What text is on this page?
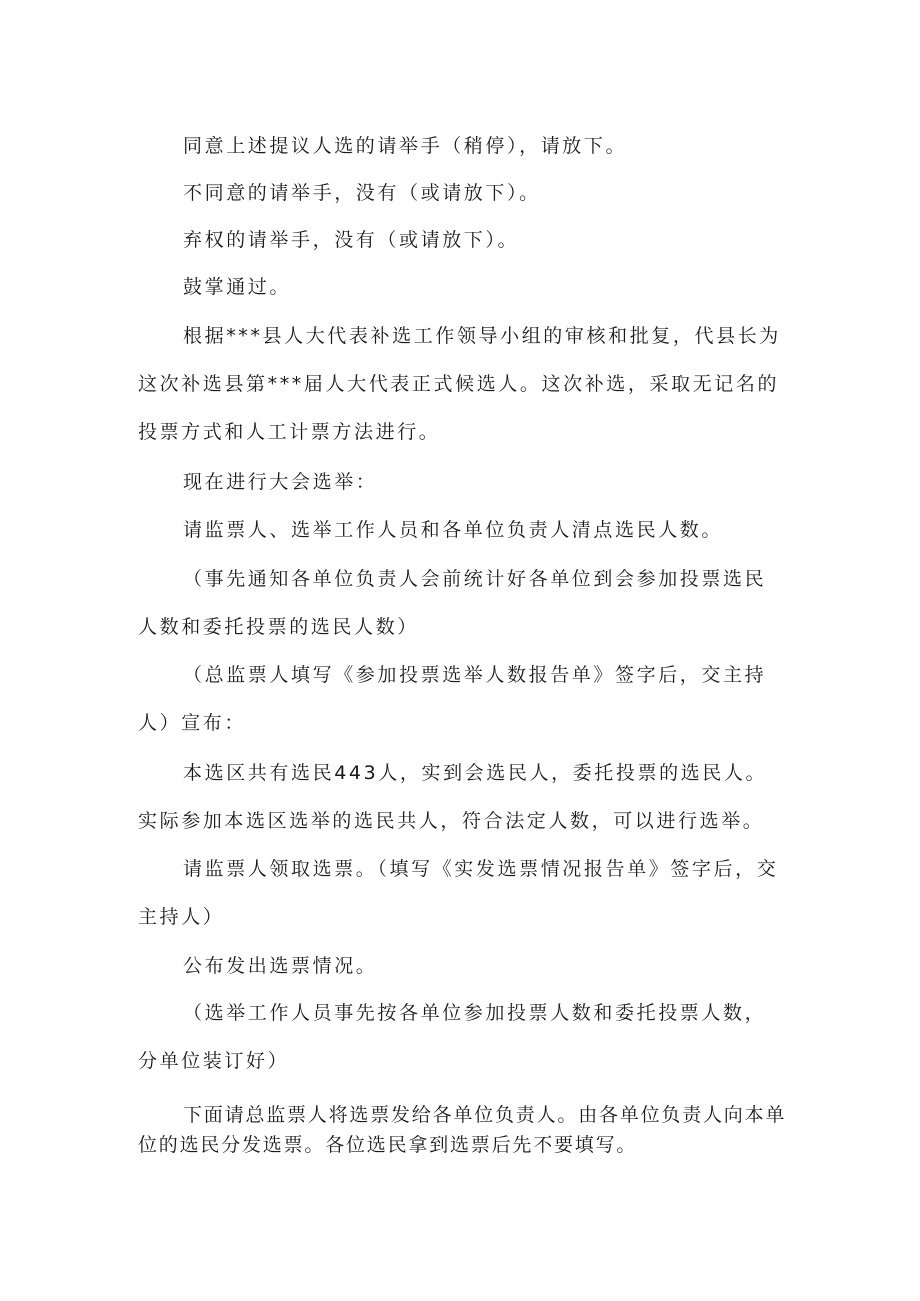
同意上述提议人选的请举手（稍停），请放下。

不同意的请举手，没有（或请放下）。

弃权的请举手，没有（或请放下）。

鼓掌通过。

根据***县人大代表补选工作领导小组的审核和批复，代县长为这次补选县第***届人大代表正式候选人。这次补选，采取无记名的投票方式和人工计票方法进行。

现在进行大会选举：

请监票人、选举工作人员和各单位负责人清点选民人数。

（事先通知各单位负责人会前统计好各单位到会参加投票选民人数和委托投票的选民人数）

（总监票人填写《参加投票选举人数报告单》签字后，交主持人）宣布：

本选区共有选民443人，实到会选民人，委托投票的选民人。实际参加本选区选举的选民共人，符合法定人数，可以进行选举。

请监票人领取选票。（填写《实发选票情况报告单》签字后，交主持人）

公布发出选票情况。

（选举工作人员事先按各单位参加投票人数和委托投票人数，分单位装订好）

下面请总监票人将选票发给各单位负责人。由各单位负责人向本单位的选民分发选票。各位选民拿到选票后先不要填写。
